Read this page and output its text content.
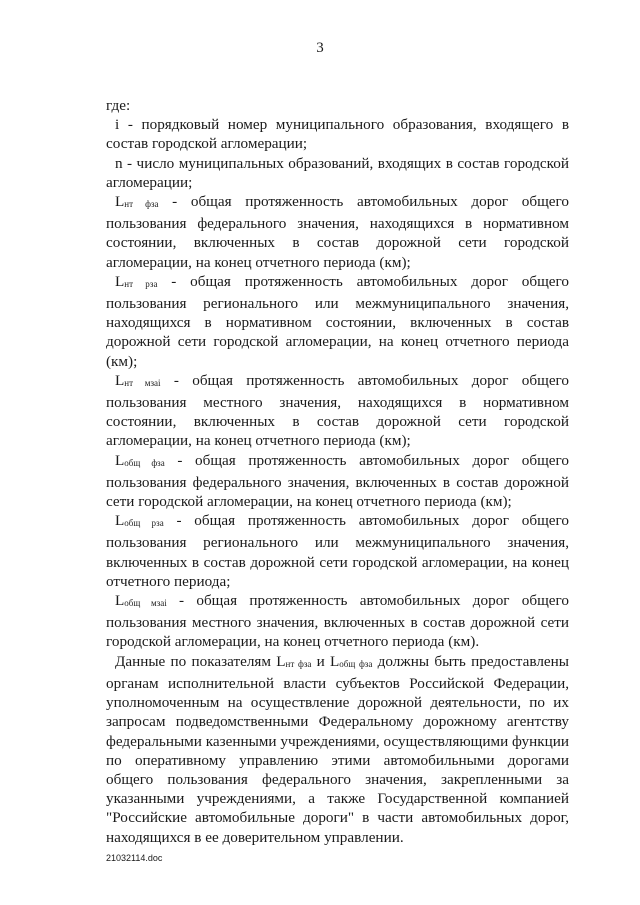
3

где:

i - порядковый номер муниципального образования, входящего в состав городской агломерации;

n - число муниципальных образований, входящих в состав городской агломерации;

Lнт фза - общая протяженность автомобильных дорог общего пользования федерального значения, находящихся в нормативном состоянии, включенных в состав дорожной сети городской агломерации, на конец отчетного периода (км);

Lнт рза - общая протяженность автомобильных дорог общего пользования регионального или межмуниципального значения, находящихся в нормативном состоянии, включенных в состав дорожной сети городской агломерации, на конец отчетного периода (км);

Lнт мзаi - общая протяженность автомобильных дорог общего пользования местного значения, находящихся в нормативном состоянии, включенных в состав дорожной сети городской агломерации, на конец отчетного периода (км);

Lобщ фза - общая протяженность автомобильных дорог общего пользования федерального значения, включенных в состав дорожной сети городской агломерации, на конец отчетного периода (км);

Lобщ рза - общая протяженность автомобильных дорог общего пользования регионального или межмуниципального значения, включенных в состав дорожной сети городской агломерации, на конец отчетного периода;

Lобщ мзаi - общая протяженность автомобильных дорог общего пользования местного значения, включенных в состав дорожной сети городской агломерации, на конец отчетного периода (км).

Данные по показателям Lнт фза и Lобщ фза должны быть предоставлены органам исполнительной власти субъектов Российской Федерации, уполномоченным на осуществление дорожной деятельности, по их запросам подведомственными Федеральному дорожному агентству федеральными казенными учреждениями, осуществляющими функции по оперативному управлению этими автомобильными дорогами общего пользования федерального значения, закрепленными за указанными учреждениями, а также Государственной компанией "Российские автомобильные дороги" в части автомобильных дорог, находящихся в ее доверительном управлении.

21032114.doc
